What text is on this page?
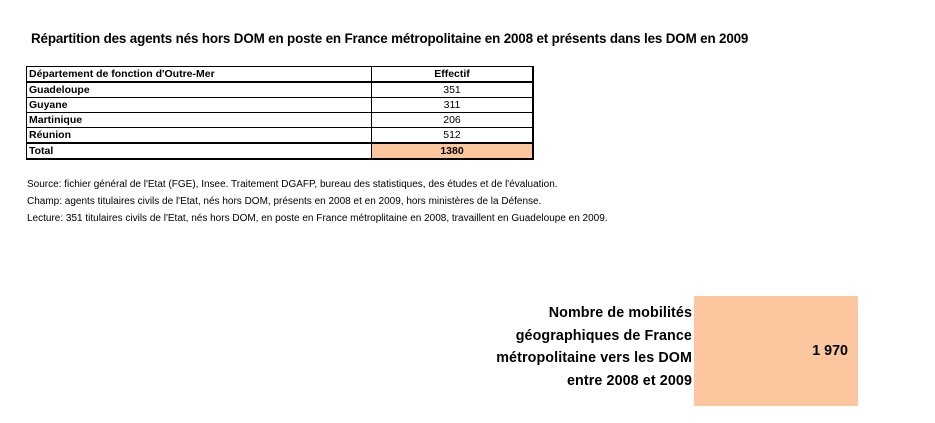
Répartition des agents nés hors DOM en poste en France métropolitaine en 2008 et présents dans les DOM en 2009
Département de fonction d'Outre-Mer	Effectif
Guadeloupe	351
Guyane	311
Martinique	206
Réunion	512
Total	1380
Source: fichier général de l'Etat (FGE), Insee. Traitement DGAFP, bureau des statistiques, des études et de l'évaluation.
Champ: agents titulaires civils de l'Etat, nés hors DOM, présents en 2008 et en 2009, hors ministères de la Défense.
Lecture: 351 titulaires civils de l'Etat, nés hors DOM, en poste en France métroplitaine en 2008, travaillent en Guadeloupe en 2009.
Nombre de mobilités
géographiques de France
métropolitaine vers les DOM
entre 2008 et 2009
1 970
